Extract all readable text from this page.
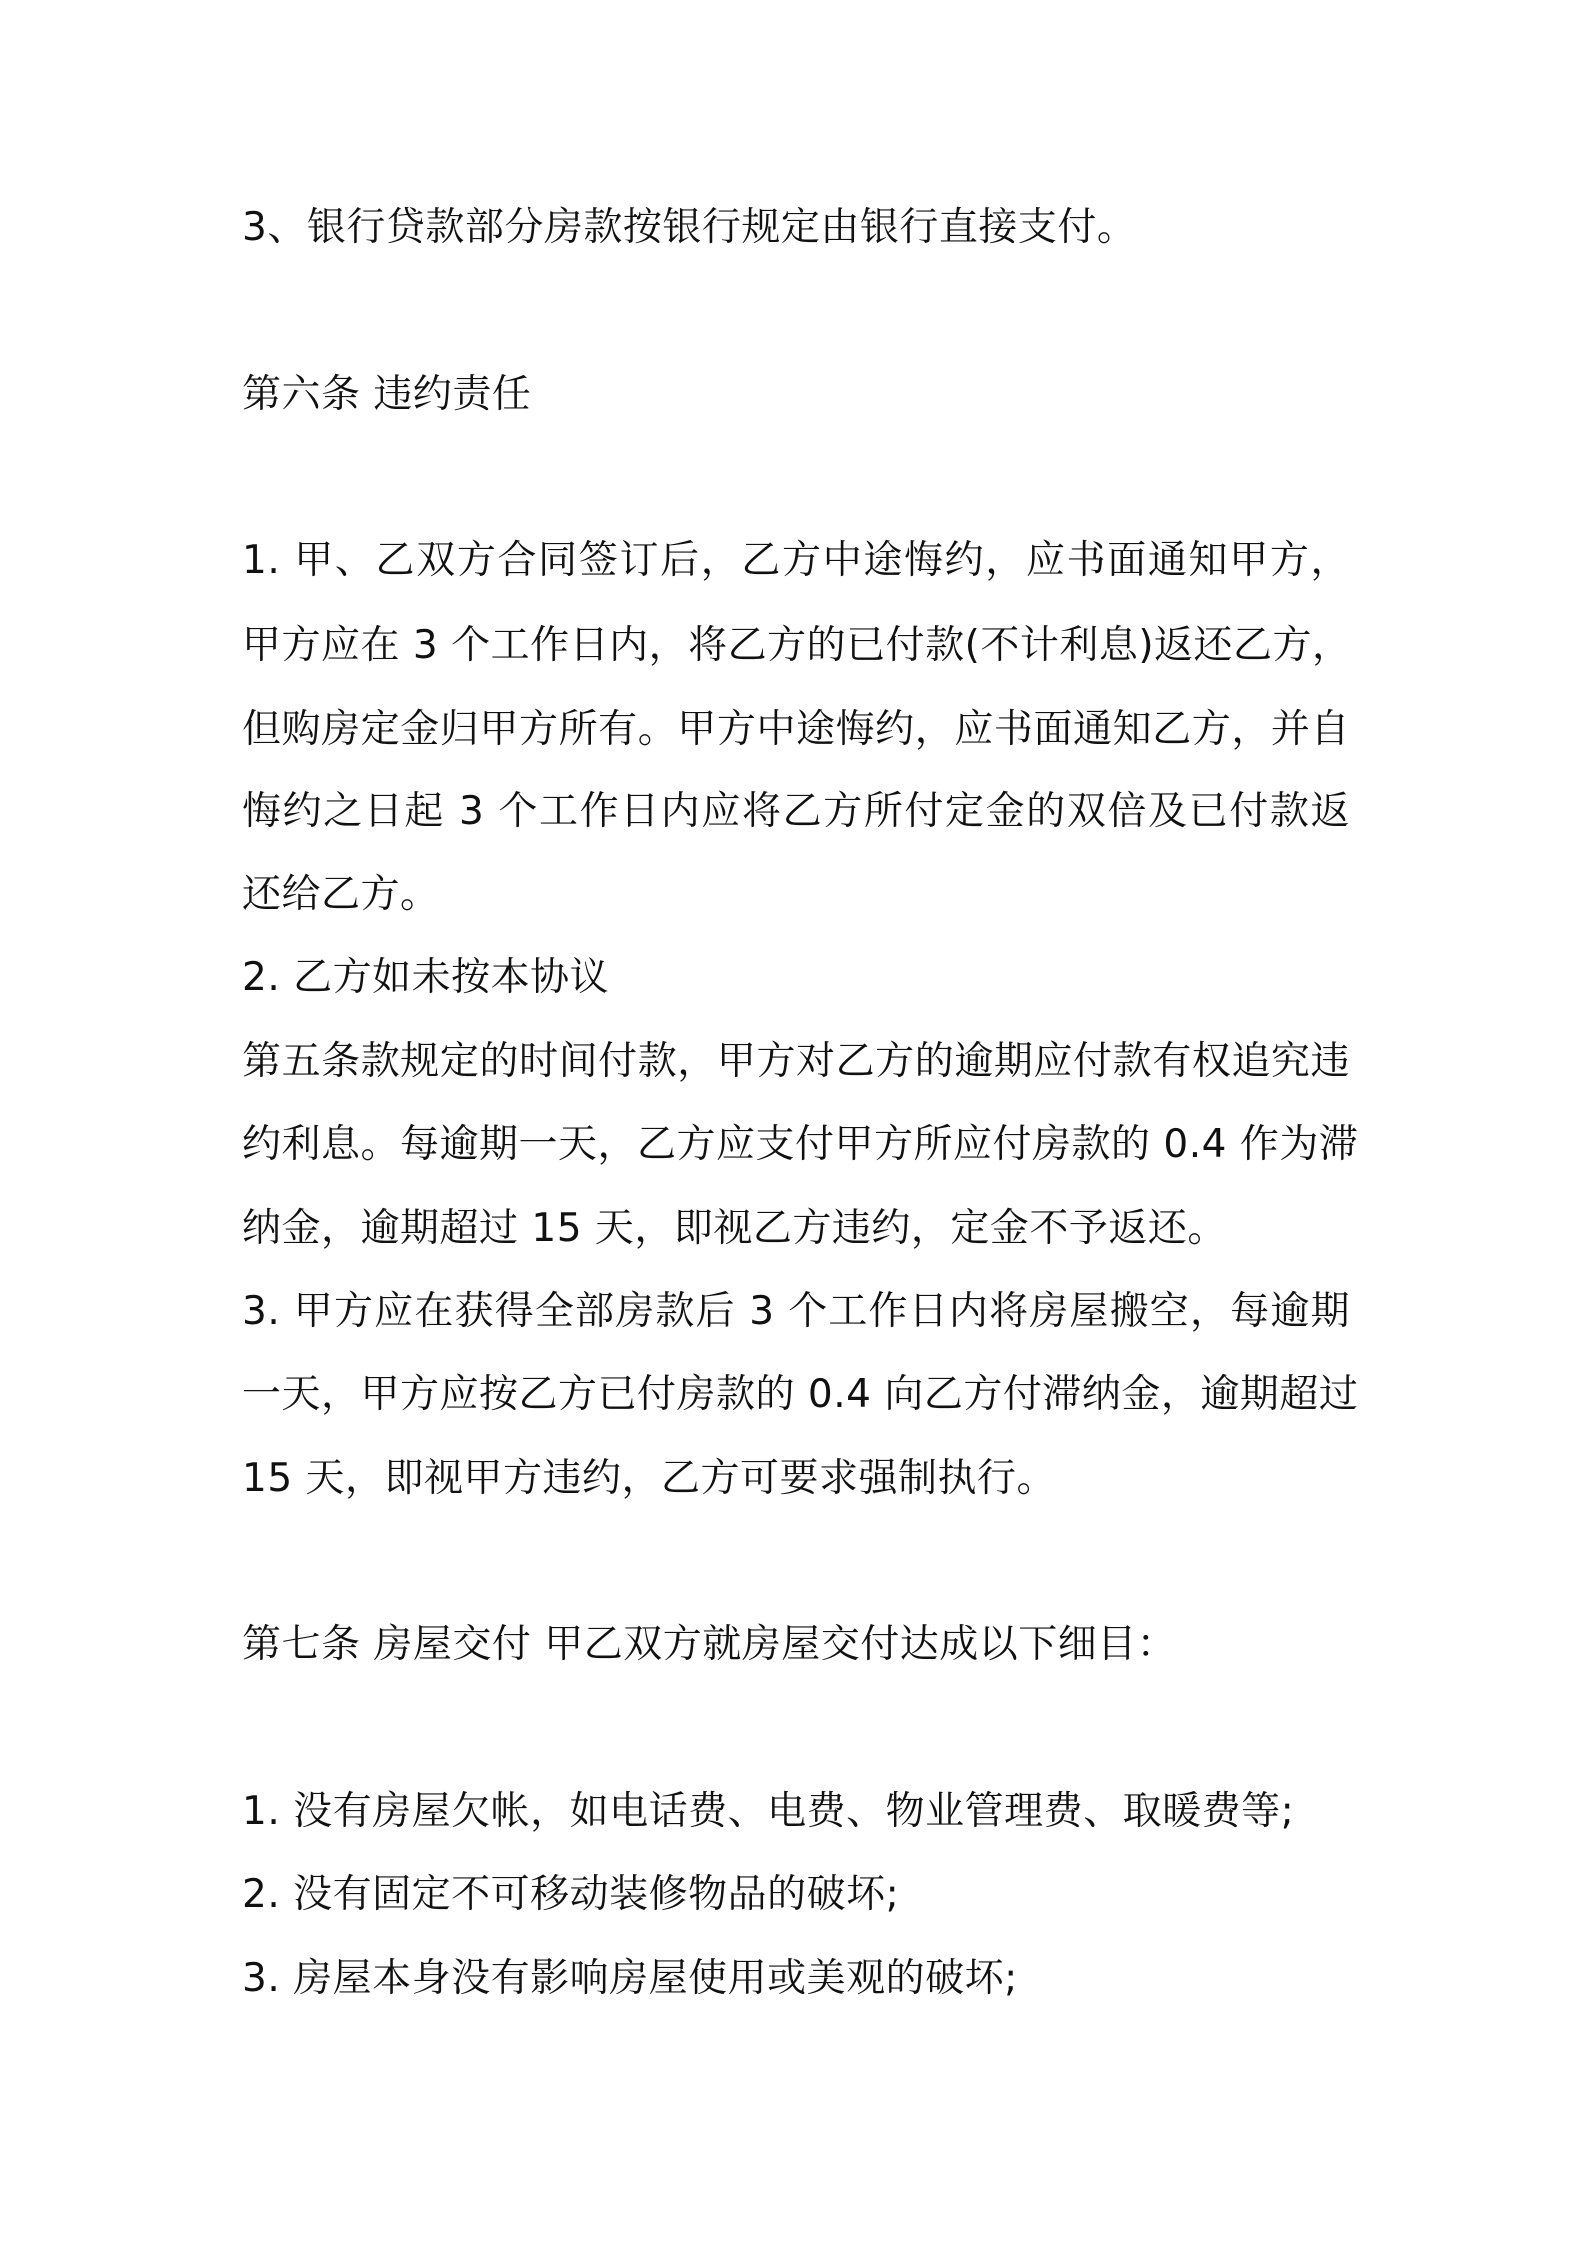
3、银行贷款部分房款按银行规定由银行直接支付。
第六条 违约责任
1. 甲、乙双方合同签订后，乙方中途悔约，应书面通知甲方，
甲方应在 3 个工作日内，将乙方的已付款(不计利息)返还乙方，
但购房定金归甲方所有。甲方中途悔约，应书面通知乙方，并自
悔约之日起 3 个工作日内应将乙方所付定金的双倍及已付款返
还给乙方。
2. 乙方如未按本协议
第五条款规定的时间付款，甲方对乙方的逾期应付款有权追究违
约利息。每逾期一天，乙方应支付甲方所应付房款的 0.4 作为滞
纳金，逾期超过 15 天，即视乙方违约，定金不予返还。
3. 甲方应在获得全部房款后 3 个工作日内将房屋搬空，每逾期
一天，甲方应按乙方已付房款的 0.4 向乙方付滞纳金，逾期超过
15 天，即视甲方违约，乙方可要求强制执行。
第七条 房屋交付 甲乙双方就房屋交付达成以下细目：
1. 没有房屋欠帐，如电话费、电费、物业管理费、取暖费等;
2. 没有固定不可移动装修物品的破坏;
3. 房屋本身没有影响房屋使用或美观的破坏;
